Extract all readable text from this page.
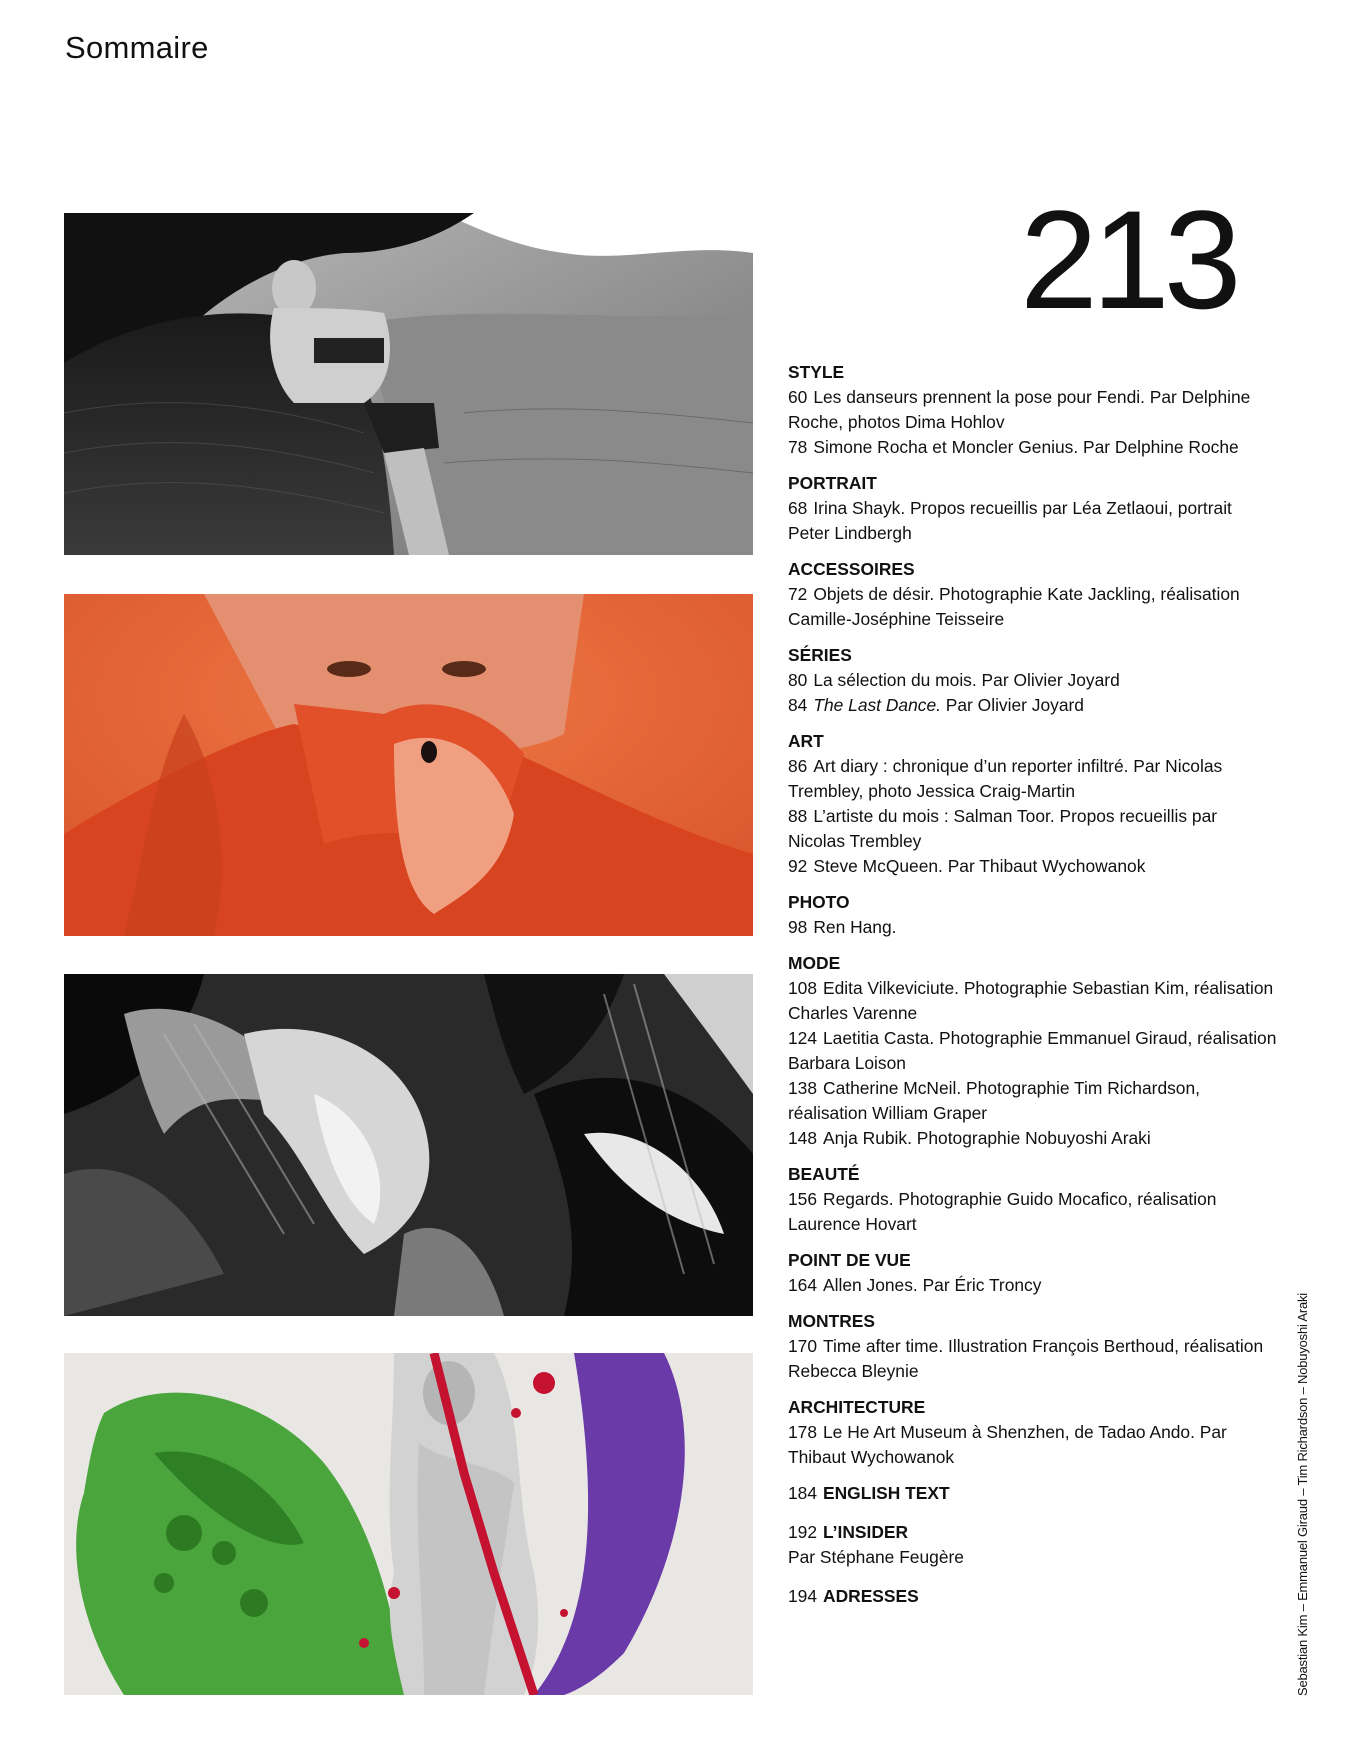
Sommaire
213
STYLE
60 Les danseurs prennent la pose pour Fendi. Par Delphine Roche, photos Dima Hohlov
78 Simone Rocha et Moncler Genius. Par Delphine Roche
PORTRAIT
68 Irina Shayk. Propos recueillis par Léa Zetlaoui, portrait Peter Lindbergh
ACCESSOIRES
72 Objets de désir. Photographie Kate Jackling, réalisation Camille-Joséphine Teisseire
SÉRIES
80 La sélection du mois. Par Olivier Joyard
84 The Last Dance. Par Olivier Joyard
ART
86 Art diary : chronique d’un reporter infiltré. Par Nicolas Trembley, photo Jessica Craig-Martin
88 L’artiste du mois : Salman Toor. Propos recueillis par Nicolas Trembley
92 Steve McQueen. Par Thibaut Wychowanok
PHOTO
98 Ren Hang.
MODE
108 Edita Vilkeviciute. Photographie Sebastian Kim, réalisation Charles Varenne
124 Laetitia Casta. Photographie Emmanuel Giraud, réalisation Barbara Loison
138 Catherine McNeil. Photographie Tim Richardson, réalisation William Graper
148 Anja Rubik. Photographie Nobuyoshi Araki
BEAUTÉ
156 Regards. Photographie Guido Mocafico, réalisation Laurence Hovart
POINT DE VUE
164 Allen Jones. Par Éric Troncy
MONTRES
170 Time after time. Illustration François Berthoud, réalisation Rebecca Bleynie
ARCHITECTURE
178 Le He Art Museum à Shenzhen, de Tadao Ando. Par Thibaut Wychowanok
184 ENGLISH TEXT
192 L’INSIDER
Par Stéphane Feugère
194 ADRESSES	Sebastian Kim – Emmanuel Giraud – Tim Richardson – Nobuyoshi Araki
